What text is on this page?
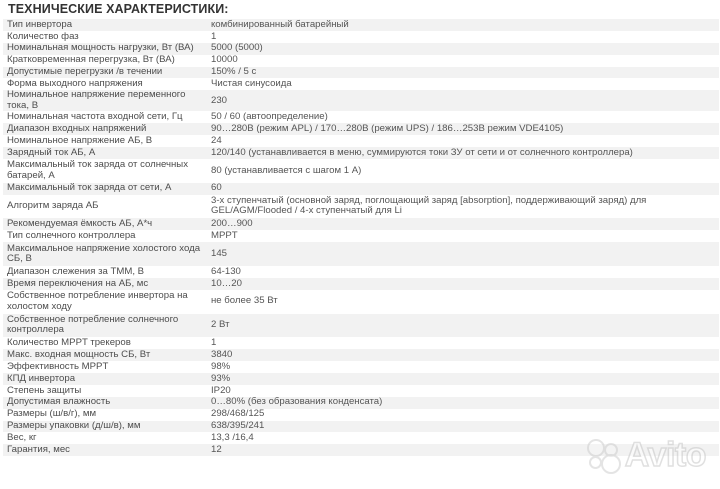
ТЕХНИЧЕСКИЕ ХАРАКТЕРИСТИКИ:
Тип инвертора	комбинированный батарейный
Количество фаз	1
Номинальная мощность нагрузки, Вт (ВА)	5000 (5000)
Кратковременная перегрузка, Вт (ВА)	10000
Допустимые перегрузки /в течении	150% / 5 с
Форма выходного напряжения	Чистая синусоида
Номинальное напряжение переменного тока, В	230
Номинальная частота входной сети, Гц	50 / 60 (автоопределение)
Диапазон входных напряжений	90…280В (режим APL) / 170…280В (режим UPS) / 186…253В режим VDE4105)
Номинальное напряжение АБ, В	24
Зарядный ток АБ, А	120/140 (устанавливается в меню, суммируются токи ЗУ от сети и от солнечного контроллера)
Максимальный ток заряда от солнечных батарей, А	80 (устанавливается с шагом 1 А)
Максимальный ток заряда от сети, А	60
Алгоритм заряда АБ	3-х ступенчатый (основной заряд, поглощающий заряд [absorption], поддерживающий заряд) для GEL/AGM/Flooded / 4-х ступенчатый для Li
Рекомендуемая ёмкость АБ, А*ч	200…900
Тип солнечного контроллера	MPPT
Максимальное напряжение холостого хода СБ, В	145
Диапазон слежения за ТММ, В	64-130
Время переключения на АБ, мс	10…20
Собственное потребление инвертора на холостом ходу	не более 35 Вт
Собственное потребление солнечного контроллера	2 Вт
Количество MPPT трекеров	1
Макс. входная мощность СБ, Вт	3840
Эффективность MPPT	98%
КПД инвертора	93%
Степень защиты	IP20
Допустимая влажность	0…80% (без образования конденсата)
Размеры (ш/в/г), мм	298/468/125
Размеры упаковки (д/ш/в), мм	638/395/241
Вес, кг	13,3 /16,4
Гарантия, мес	12	Avito
